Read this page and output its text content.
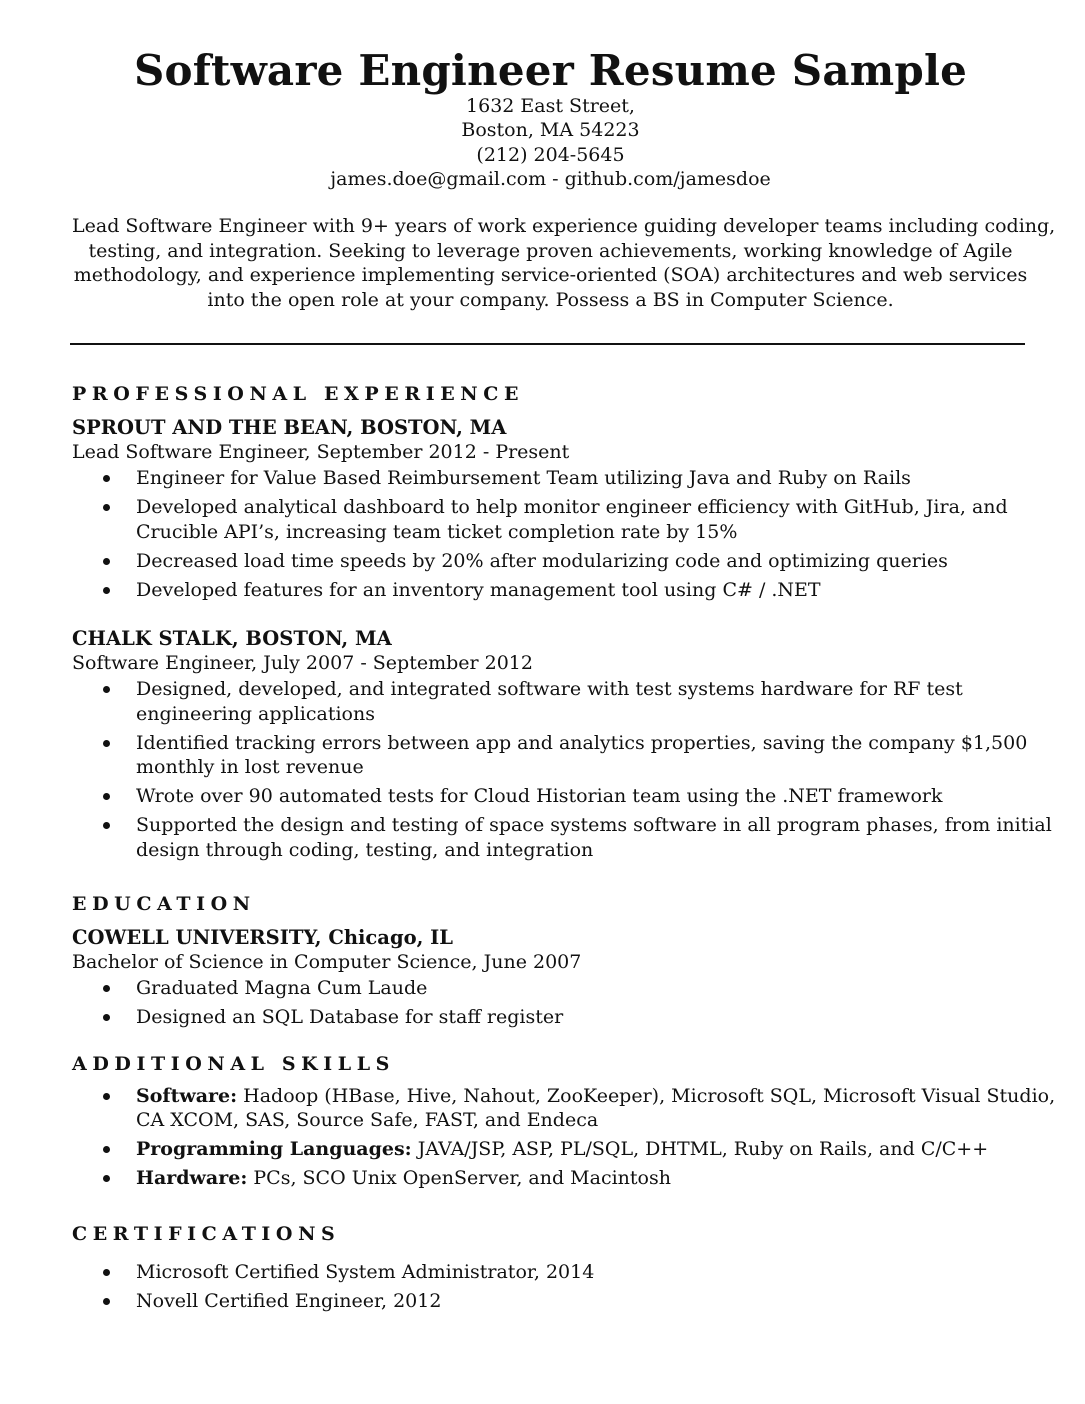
Software Engineer Resume Sample
1632 East Street,
Boston, MA 54223
(212) 204-5645
james.doe@gmail.com - github.com/jamesdoe
Lead Software Engineer with 9+ years of work experience guiding developer teams including coding,
testing, and integration. Seeking to leverage proven achievements, working knowledge of Agile
methodology, and experience implementing service-oriented (SOA) architectures and web services
into the open role at your company. Possess a BS in Computer Science.
PROFESSIONAL EXPERIENCE
SPROUT AND THE BEAN, BOSTON, MA
Lead Software Engineer, September 2012 - Present
Engineer for Value Based Reimbursement Team utilizing Java and Ruby on Rails
Developed analytical dashboard to help monitor engineer efficiency with GitHub, Jira, and
Crucible API’s, increasing team ticket completion rate by 15%
Decreased load time speeds by 20% after modularizing code and optimizing queries
Developed features for an inventory management tool using C# / .NET
CHALK STALK, BOSTON, MA
Software Engineer, July 2007 - September 2012
Designed, developed, and integrated software with test systems hardware for RF test
engineering applications
Identified tracking errors between app and analytics properties, saving the company $1,500
monthly in lost revenue
Wrote over 90 automated tests for Cloud Historian team using the .NET framework
Supported the design and testing of space systems software in all program phases, from initial
design through coding, testing, and integration
EDUCATION
COWELL UNIVERSITY, Chicago, IL
Bachelor of Science in Computer Science, June 2007
Graduated Magna Cum Laude
Designed an SQL Database for staff register
ADDITIONAL SKILLS
Software: Hadoop (HBase, Hive, Nahout, ZooKeeper), Microsoft SQL, Microsoft Visual Studio,
CA XCOM, SAS, Source Safe, FAST, and Endeca
Programming Languages: JAVA/JSP, ASP, PL/SQL, DHTML, Ruby on Rails, and C/C++
Hardware: PCs, SCO Unix OpenServer, and Macintosh
CERTIFICATIONS
Microsoft Certified System Administrator, 2014
Novell Certified Engineer, 2012
